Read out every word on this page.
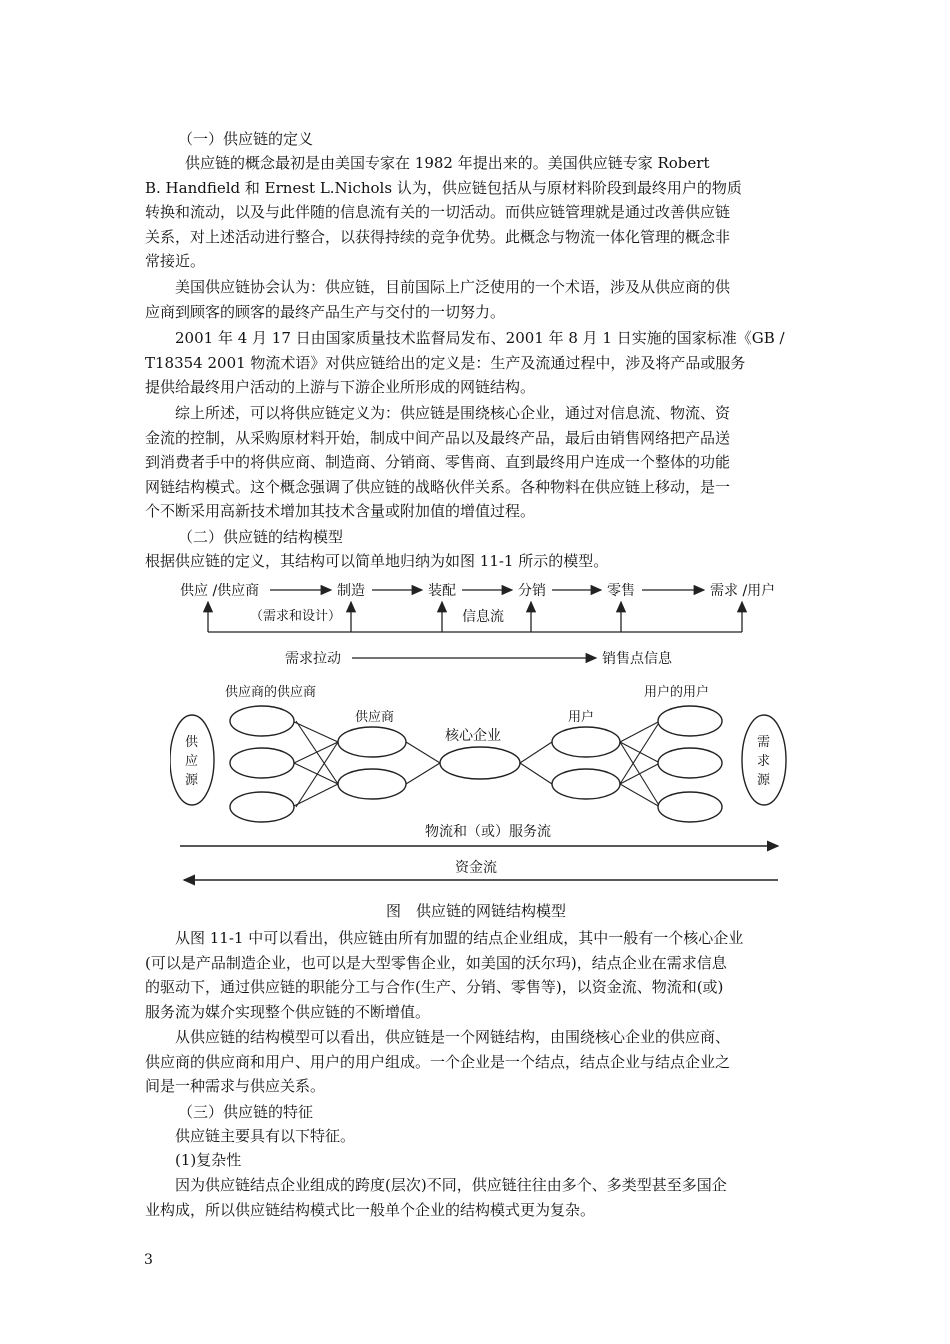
（一）供应链的定义
供应链的概念最初是由美国专家在 1982 年提出来的。美国供应链专家 Robert
B. Handfield 和 Ernest L.Nichols 认为，供应链包括从与原材料阶段到最终用户的物质
转换和流动，以及与此伴随的信息流有关的一切活动。而供应链管理就是通过改善供应链
关系，对上述活动进行整合，以获得持续的竞争优势。此概念与物流一体化管理的概念非
常接近。
美国供应链协会认为：供应链，目前国际上广泛使用的一个术语，涉及从供应商的供
应商到顾客的顾客的最终产品生产与交付的一切努力。
2001 年 4 月 17 日由国家质量技术监督局发布、2001 年 8 月 1 日实施的国家标准《GB /
T18354 2001 物流术语》对供应链给出的定义是：生产及流通过程中，涉及将产品或服务
提供给最终用户活动的上游与下游企业所形成的网链结构。
综上所述，可以将供应链定义为：供应链是围绕核心企业，通过对信息流、物流、资
金流的控制，从采购原材料开始，制成中间产品以及最终产品，最后由销售网络把产品送
到消费者手中的将供应商、制造商、分销商、零售商、直到最终用户连成一个整体的功能
网链结构模式。这个概念强调了供应链的战略伙伴关系。各种物料在供应链上移动，是一
个不断采用高新技术增加其技术含量或附加值的增值过程。
（二）供应链的结构模型
根据供应链的定义，其结构可以简单地归纳为如图 11-1 所示的模型。
供应 /供应商	制造	装配	分销	零售	需求 /用户
（需求和设计）	信息流
需求拉动	销售点信息
供应商的供应商
供应商
核心企业
用户
用户的用户
供
应
源
需
求
源
物流和（或）服务流
资金流
图　供应链的网链结构模型
从图 11-1 中可以看出，供应链由所有加盟的结点企业组成，其中一般有一个核心企业
(可以是产品制造企业，也可以是大型零售企业，如美国的沃尔玛)，结点企业在需求信息
的驱动下，通过供应链的职能分工与合作(生产、分销、零售等)，以资金流、物流和(或)
服务流为媒介实现整个供应链的不断增值。
从供应链的结构模型可以看出，供应链是一个网链结构，由围绕核心企业的供应商、
供应商的供应商和用户、用户的用户组成。一个企业是一个结点，结点企业与结点企业之
间是一种需求与供应关系。
（三）供应链的特征
供应链主要具有以下特征。
(1)复杂性
因为供应链结点企业组成的跨度(层次)不同，供应链往往由多个、多类型甚至多国企
业构成，所以供应链结构模式比一般单个企业的结构模式更为复杂。
3
